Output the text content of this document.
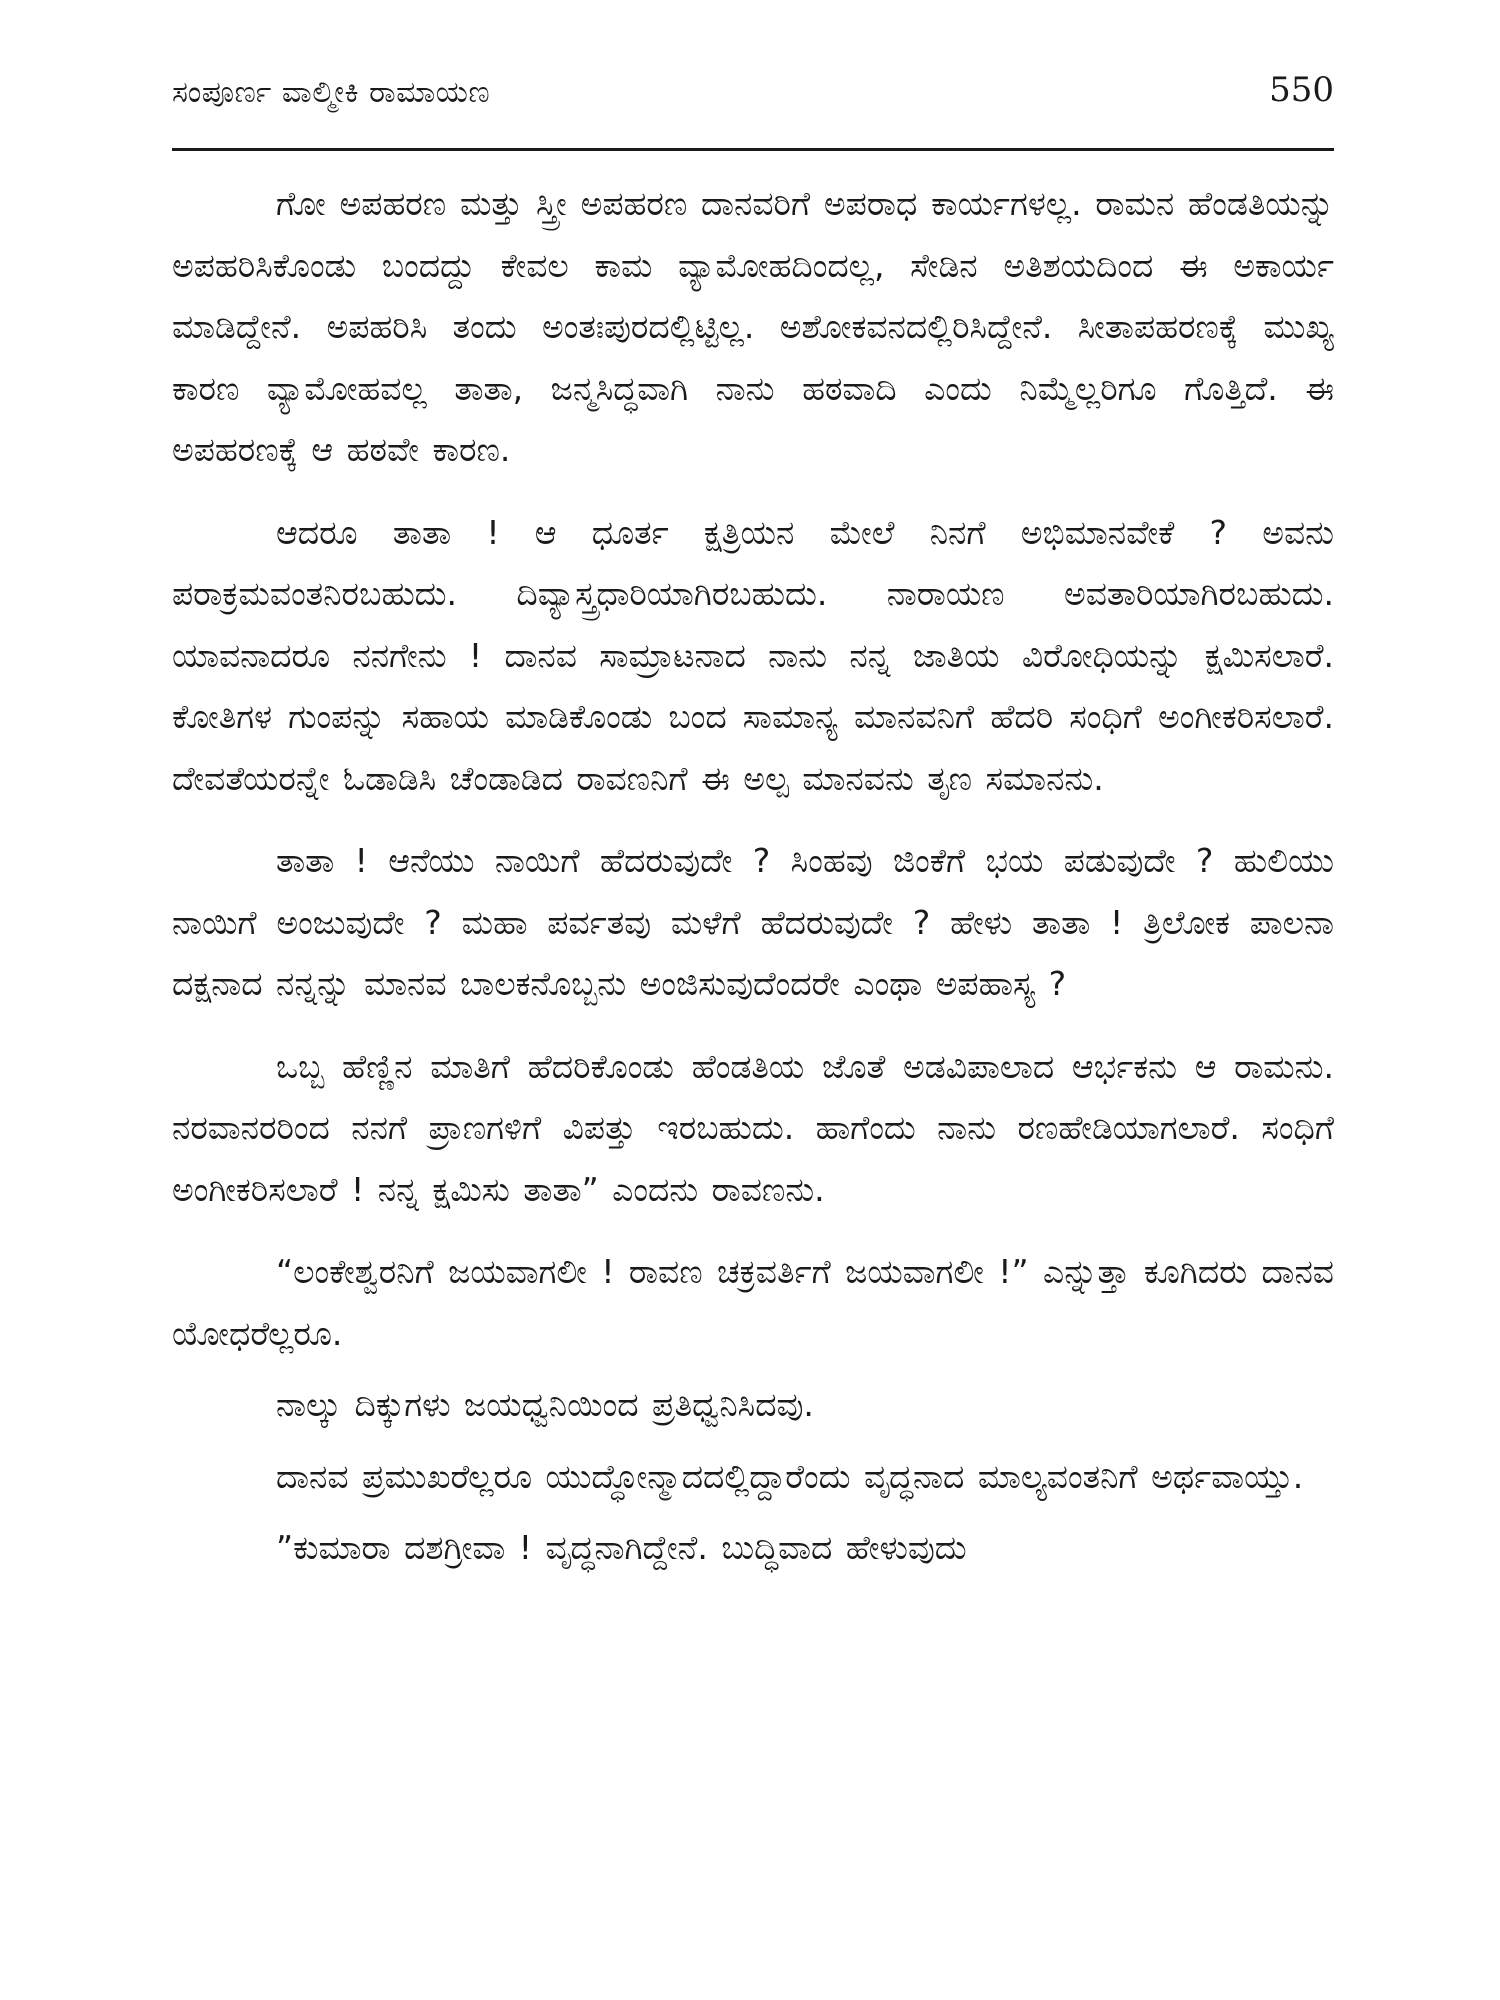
ಸಂಪೂರ್ಣ ವಾಲ್ಮೀಕಿ ರಾಮಾಯಣ	550

ಗೋ ಅಪಹರಣ ಮತ್ತು ಸ್ತ್ರೀ ಅಪಹರಣ ದಾನವರಿಗೆ ಅಪರಾಧ ಕಾರ್ಯಗಳಲ್ಲ. ರಾಮನ ಹೆಂಡತಿಯನ್ನು ಅಪಹರಿಸಿಕೊಂಡು ಬಂದದ್ದು ಕೇವಲ ಕಾಮ ವ್ಯಾಮೋಹದಿಂದಲ್ಲ, ಸೇಡಿನ ಅತಿಶಯದಿಂದ ಈ ಅಕಾರ್ಯ ಮಾಡಿದ್ದೇನೆ. ಅಪಹರಿಸಿ ತಂದು ಅಂತಃಪುರದಲ್ಲಿಟ್ಟಿಲ್ಲ. ಅಶೋಕವನದಲ್ಲಿರಿಸಿದ್ದೇನೆ. ಸೀತಾಪಹರಣಕ್ಕೆ ಮುಖ್ಯ ಕಾರಣ ವ್ಯಾಮೋಹವಲ್ಲ ತಾತಾ, ಜನ್ಮಸಿದ್ಧವಾಗಿ ನಾನು ಹಠವಾದಿ ಎಂದು ನಿಮ್ಮೆಲ್ಲರಿಗೂ ಗೊತ್ತಿದೆ. ಈ ಅಪಹರಣಕ್ಕೆ ಆ ಹಠವೇ ಕಾರಣ.

ಆದರೂ ತಾತಾ ! ಆ ಧೂರ್ತ ಕ್ಷತ್ರಿಯನ ಮೇಲೆ ನಿನಗೆ ಅಭಿಮಾನವೇಕೆ ? ಅವನು ಪರಾಕ್ರಮವಂತನಿರಬಹುದು. ದಿವ್ಯಾಸ್ತ್ರಧಾರಿಯಾಗಿರಬಹುದು. ನಾರಾಯಣ ಅವತಾರಿಯಾಗಿರಬಹುದು. ಯಾವನಾದರೂ ನನಗೇನು ! ದಾನವ ಸಾಮ್ರಾಟನಾದ ನಾನು ನನ್ನ ಜಾತಿಯ ವಿರೋಧಿಯನ್ನು ಕ್ಷಮಿಸಲಾರೆ. ಕೋತಿಗಳ ಗುಂಪನ್ನು ಸಹಾಯ ಮಾಡಿಕೊಂಡು ಬಂದ ಸಾಮಾನ್ಯ ಮಾನವನಿಗೆ ಹೆದರಿ ಸಂಧಿಗೆ ಅಂಗೀಕರಿಸಲಾರೆ. ದೇವತೆಯರನ್ನೇ ಓಡಾಡಿಸಿ ಚೆಂಡಾಡಿದ ರಾವಣನಿಗೆ ಈ ಅಲ್ಪ ಮಾನವನು ತೃಣ ಸಮಾನನು.

ತಾತಾ ! ಆನೆಯು ನಾಯಿಗೆ ಹೆದರುವುದೇ ? ಸಿಂಹವು ಜಿಂಕೆಗೆ ಭಯ ಪಡುವುದೇ ? ಹುಲಿಯು ನಾಯಿಗೆ ಅಂಜುವುದೇ ? ಮಹಾ ಪರ್ವತವು ಮಳೆಗೆ ಹೆದರುವುದೇ ? ಹೇಳು ತಾತಾ ! ತ್ರಿಲೋಕ ಪಾಲನಾ ದಕ್ಷನಾದ ನನ್ನನ್ನು ಮಾನವ ಬಾಲಕನೊಬ್ಬನು ಅಂಜಿಸುವುದೆಂದರೇ ಎಂಥಾ ಅಪಹಾಸ್ಯ ?

ಒಬ್ಬ ಹೆಣ್ಣಿನ ಮಾತಿಗೆ ಹೆದರಿಕೊಂಡು ಹೆಂಡತಿಯ ಜೊತೆ ಅಡವಿಪಾಲಾದ ಆರ್ಭಕನು ಆ ರಾಮನು. ನರವಾನರರಿಂದ ನನಗೆ ಪ್ರಾಣಗಳಿಗೆ ವಿಪತ್ತು ಇರಬಹುದು. ಹಾಗೆಂದು ನಾನು ರಣಹೇಡಿಯಾಗಲಾರೆ. ಸಂಧಿಗೆ ಅಂಗೀಕರಿಸಲಾರೆ ! ನನ್ನ ಕ್ಷಮಿಸು ತಾತಾ” ಎಂದನು ರಾವಣನು.

“ಲಂಕೇಶ್ವರನಿಗೆ ಜಯವಾಗಲೀ ! ರಾವಣ ಚಕ್ರವರ್ತಿಗೆ ಜಯವಾಗಲೀ !” ಎನ್ನುತ್ತಾ ಕೂಗಿದರು ದಾನವ ಯೋಧರೆಲ್ಲರೂ.

ನಾಲ್ಕು ದಿಕ್ಕುಗಳು ಜಯಧ್ವನಿಯಿಂದ ಪ್ರತಿಧ್ವನಿಸಿದವು.

ದಾನವ ಪ್ರಮುಖರೆಲ್ಲರೂ ಯುದ್ಧೋನ್ಮಾದದಲ್ಲಿದ್ದಾರೆಂದು ವೃದ್ಧನಾದ ಮಾಲ್ಯವಂತನಿಗೆ ಅರ್ಥವಾಯ್ತು.

”ಕುಮಾರಾ ದಶಗ್ರೀವಾ ! ವೃದ್ಧನಾಗಿದ್ದೇನೆ. ಬುದ್ಧಿವಾದ ಹೇಳುವುದು
